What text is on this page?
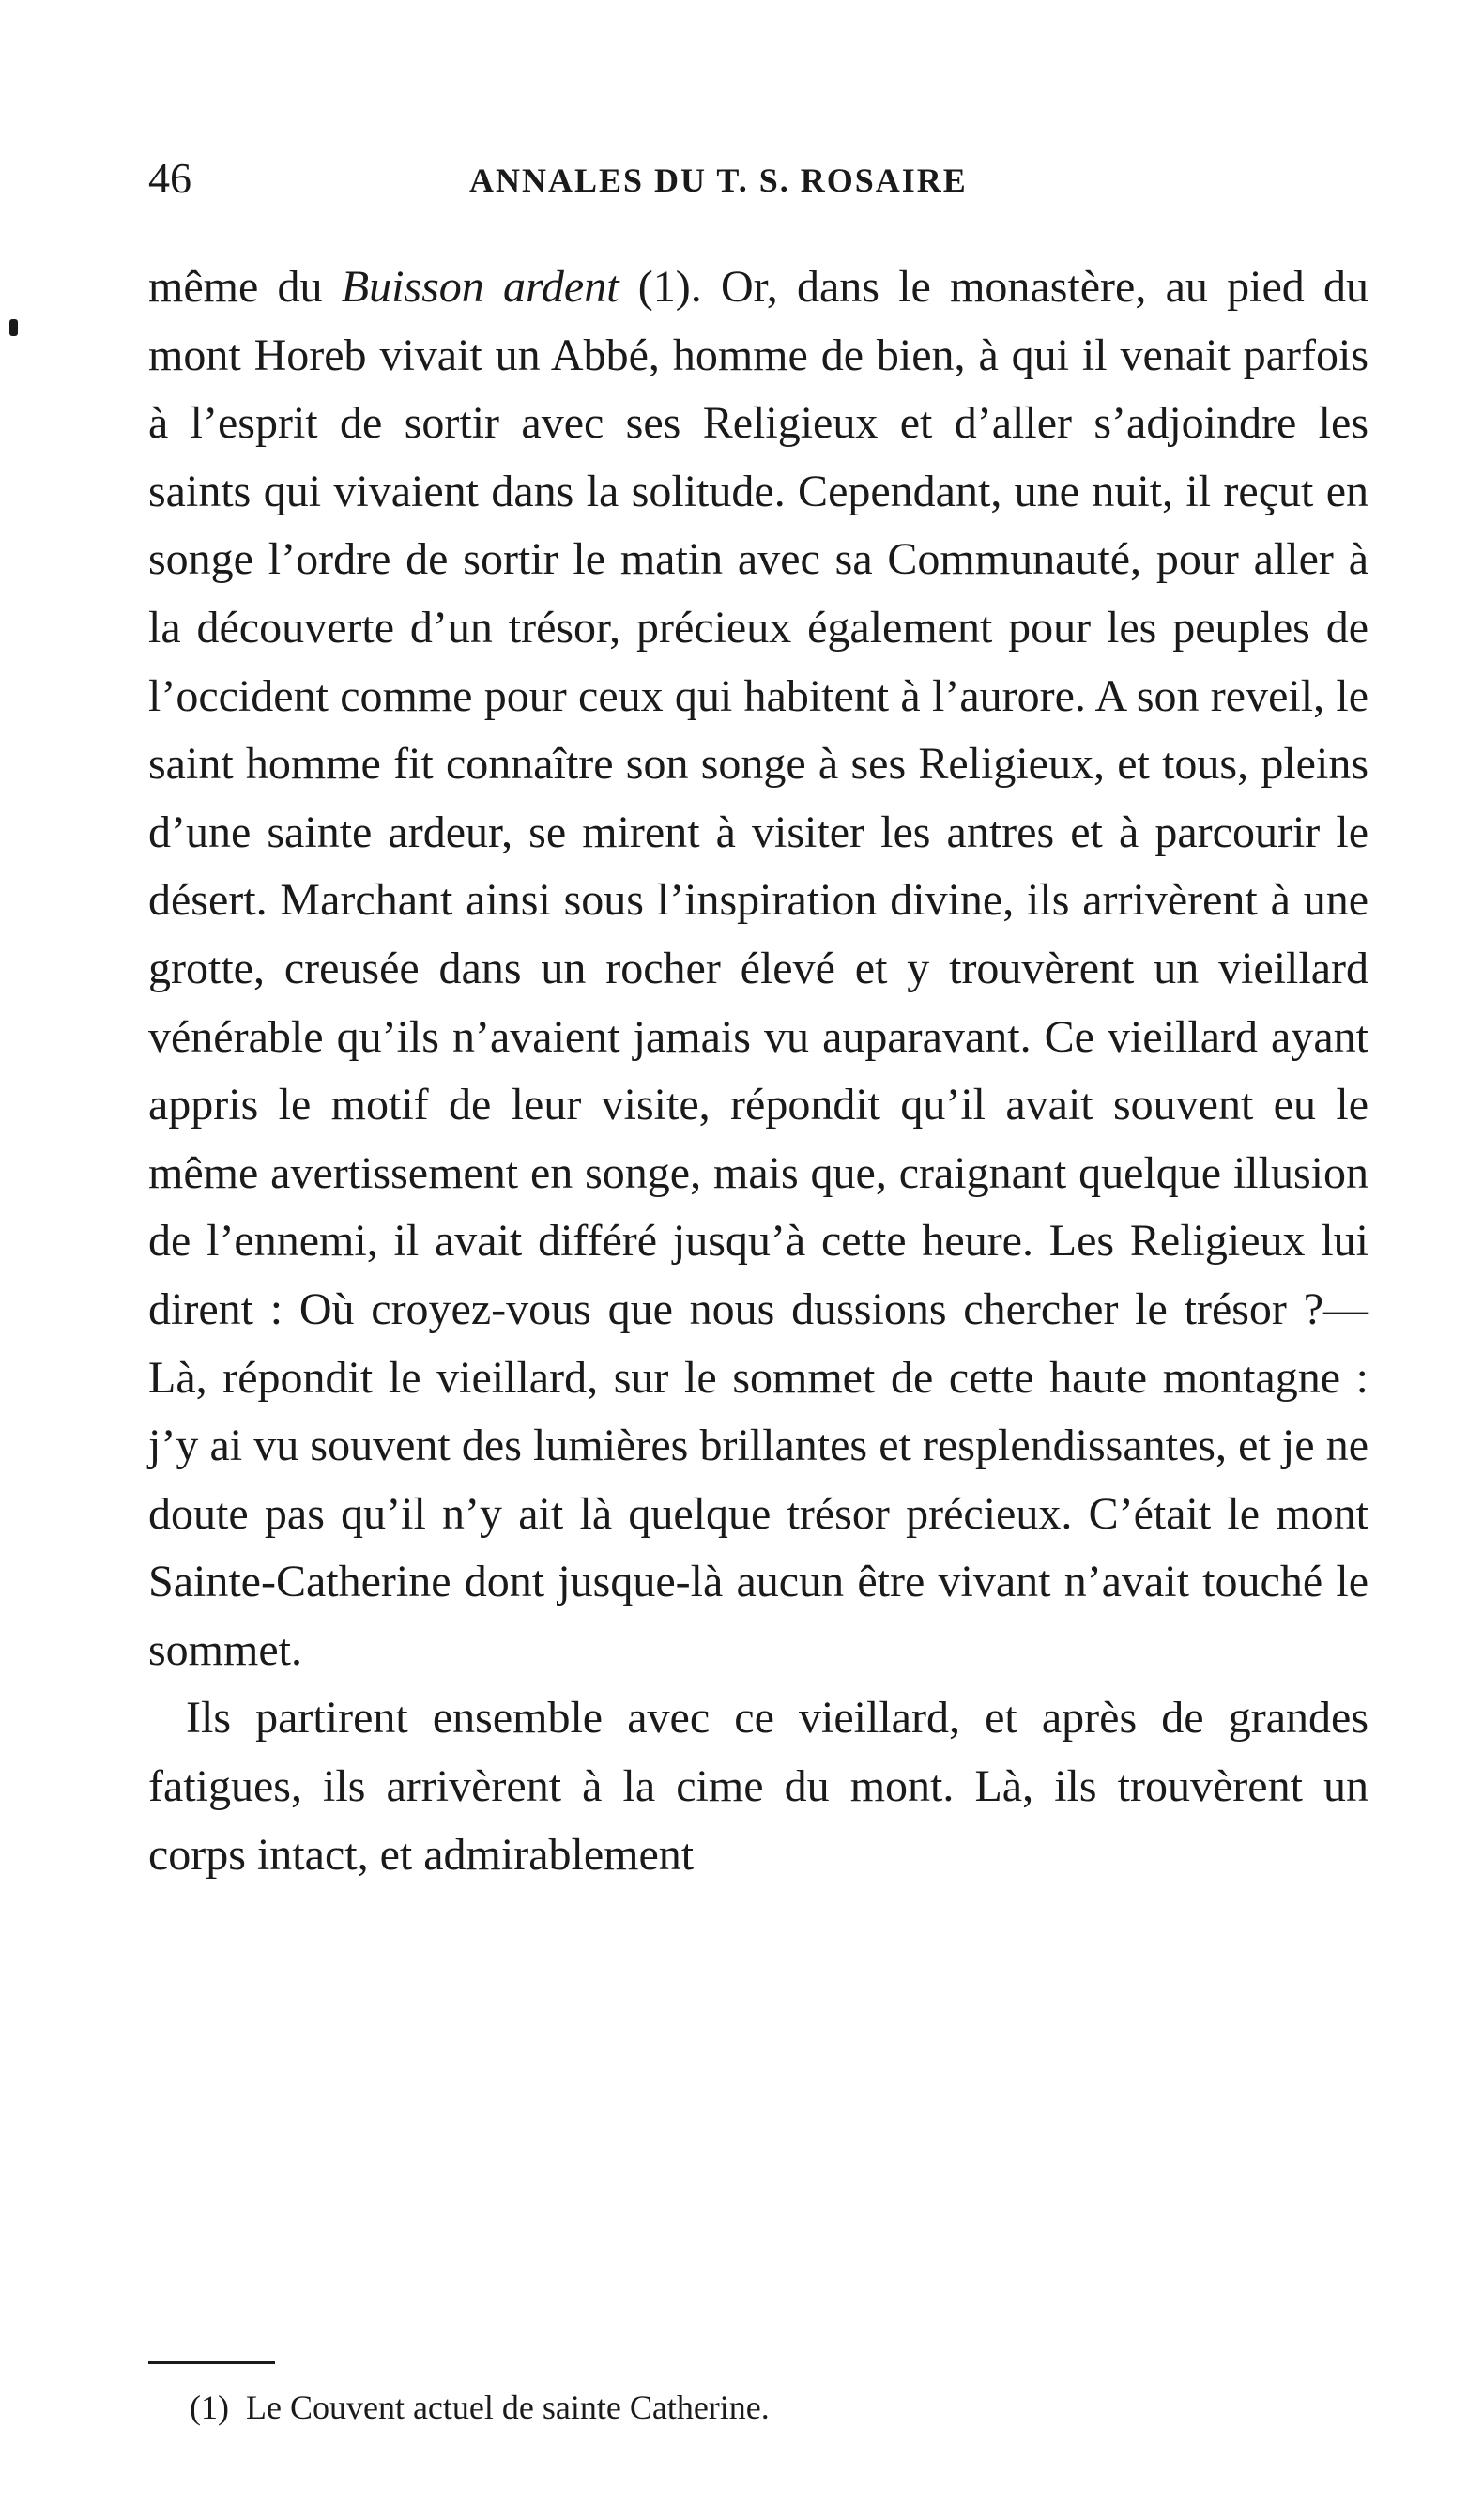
46	ANNALES DU T. S. ROSAIRE

même du Buisson ardent (1). Or, dans le monastère, au pied du mont Horeb vivait un Abbé, homme de bien, à qui il venait parfois à l’esprit de sortir avec ses Religieux et d’aller s’adjoindre les saints qui vivaient dans la solitude. Cependant, une nuit, il reçut en songe l’ordre de sortir le matin avec sa Communauté, pour aller à la découverte d’un trésor, précieux également pour les peuples de l’occident comme pour ceux qui habitent à l’aurore. A son reveil, le saint homme fit connaître son songe à ses Religieux, et tous, pleins d’une sainte ardeur, se mirent à visiter les antres et à parcourir le désert. Marchant ainsi sous l’inspiration divine, ils arrivèrent à une grotte, creusée dans un rocher élevé et y trouvèrent un vieillard vénérable qu’ils n’avaient jamais vu auparavant. Ce vieillard ayant appris le motif de leur visite, répondit qu’il avait souvent eu le même avertissement en songe, mais que, craignant quelque illusion de l’ennemi, il avait différé jusqu’à cette heure. Les Religieux lui dirent : Où croyez-vous que nous dussions chercher le trésor ?—Là, répondit le vieillard, sur le sommet de cette haute montagne : j’y ai vu souvent des lumières brillantes et resplendissantes, et je ne doute pas qu’il n’y ait là quelque trésor précieux. C’était le mont Sainte-Catherine dont jusque-là aucun être vivant n’avait touché le sommet.

Ils partirent ensemble avec ce vieillard, et après de grandes fatigues, ils arrivèrent à la cime du mont. Là, ils trouvèrent un corps intact, et admirablement

(1) Le Couvent actuel de sainte Catherine.
